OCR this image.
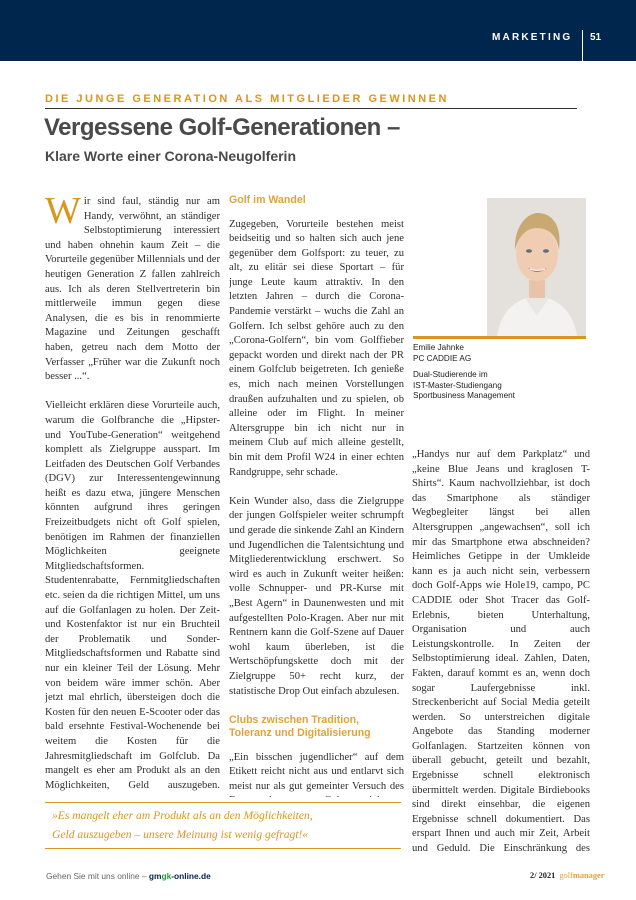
MARKETING 51
DIE JUNGE GENERATION ALS MITGLIEDER GEWINNEN
Vergessene Golf-Generationen –
Klare Worte einer Corona-Neugolferin

Wir sind faul, ständig nur am Handy, verwöhnt, an ständiger Selbstoptimierung interessiert und haben ohnehin kaum Zeit – die Vorurteile gegenüber Millennials und der heutigen Generation Z fallen zahlreich aus. Ich als deren Stellvertreterin bin mittlerweile immun gegen diese Analysen, die es bis in renommierte Magazine und Zeitungen geschafft haben, getreu nach dem Motto der Verfasser „Früher war die Zukunft noch besser ...“.

Vielleicht erklären diese Vorurteile auch, warum die Golfbranche die „Hipster- und YouTube-Generation“ weitgehend komplett als Zielgruppe ausspart. Im Leitfaden des Deutschen Golf Verbandes (DGV) zur Interessentengewinnung heißt es dazu etwa, jüngere Menschen könnten aufgrund ihres geringen Freizeitbudgets nicht oft Golf spielen, benötigen im Rahmen der finanziellen Möglichkeiten geeignete Mitgliedschaftsformen. Studentenrabatte, Fernmitgliedschaften etc. seien da die richtigen Mittel, um uns auf die Golfanlagen zu holen. Der Zeit- und Kostenfaktor ist nur ein Bruchteil der Problematik und Sonder-Mitgliedschaftsformen und Rabatte sind nur ein kleiner Teil der Lösung. Mehr von beidem wäre immer schön. Aber jetzt mal ehrlich, übersteigen doch die Kosten für den neuen E-Scooter oder das bald ersehnte Festival-Wochenende bei weitem die Kosten für die Jahresmitgliedschaft im Golfclub. Da mangelt es eher am Produkt als an den Möglichkeiten, Geld auszugeben.

Golf im Wandel

Zugegeben, Vorurteile bestehen meist beidseitig und so halten sich auch jene gegenüber dem Golfsport: zu teuer, zu alt, zu elitär sei diese Sportart – für junge Leute kaum attraktiv. In den letzten Jahren – durch die Corona-Pandemie verstärkt – wuchs die Zahl an Golfern. Ich selbst gehöre auch zu den „Corona-Golfern“, bin vom Golffieber gepackt worden und direkt nach der PR einem Golfclub beigetreten. Ich genieße es, mich nach meinen Vorstellungen draußen aufzuhalten und zu spielen, ob alleine oder im Flight. In meiner Altersgruppe bin ich nicht nur in meinem Club auf mich alleine gestellt, bin mit dem Profil W24 in einer echten Randgruppe, sehr schade.

Kein Wunder also, dass die Zielgruppe der jungen Golfspieler weiter schrumpft und gerade die sinkende Zahl an Kindern und Jugendlichen die Talentsichtung und Mitgliederentwicklung erschwert. So wird es auch in Zukunft weiter heißen: volle Schnupper- und PR-Kurse mit „Best Agern“ in Daunenwesten und mit aufgestellten Polo-Kragen. Aber nur mit Rentnern kann die Golf-Szene auf Dauer wohl kaum überleben, ist die Wertschöpfungskette doch mit der Zielgruppe 50+ recht kurz, der statistische Drop Out einfach abzulesen.

Clubs zwischen Tradition, Toleranz und Digitalisierung

„Ein bisschen jugendlicher“ auf dem Etikett reicht nicht aus und entlarvt sich meist nur als gut gemeinter Versuch des

Emilie Jahnke
PC CADDIE AG
Dual-Studierende im
IST-Master-Studiengang
Sportbusiness Management

„Handys nur auf dem Parkplatz“ und „keine Blue Jeans und kraglosen T-Shirts“. Kaum nachvollziehbar, ist doch das Smartphone als ständiger Wegbegleiter längst bei allen Altersgruppen „angewachsen“, soll ich mir das Smartphone etwa abschneiden? Heimliches Getippe in der Umkleide kann es ja auch nicht sein, verbessern doch Golf-Apps wie Hole19, campo, PC CADDIE oder Shot Tracer das Golf-Erlebnis, bieten Unterhaltung, Organisation und auch Leistungskontrolle. In Zeiten der Selbstoptimierung ideal. Zahlen, Daten, Fakten, darauf kommt es an, wenn doch sogar Laufergebnisse inkl. Streckenbericht auf Social Media geteilt werden. So unterstreichen digitale Angebote das Standing moderner Golfanlagen. Startzeiten können von überall gebucht, geteilt und bezahlt, Ergebnisse schnell elektronisch übermittelt werden. Digitale Birdiebooks sind direkt einsehbar, die eigenen Ergebnisse schnell dokumentiert. Das erspart Ihnen und auch mir Zeit, Arbeit und Geduld. Die Einschränkung des

»Es mangelt eher am Produkt als an den Möglichkeiten,
Geld auszugeben – unsere Meinung ist wenig gefragt!«
Gehen Sie mit uns online – gmgk-online.de	2/ 2021 golfmanager
